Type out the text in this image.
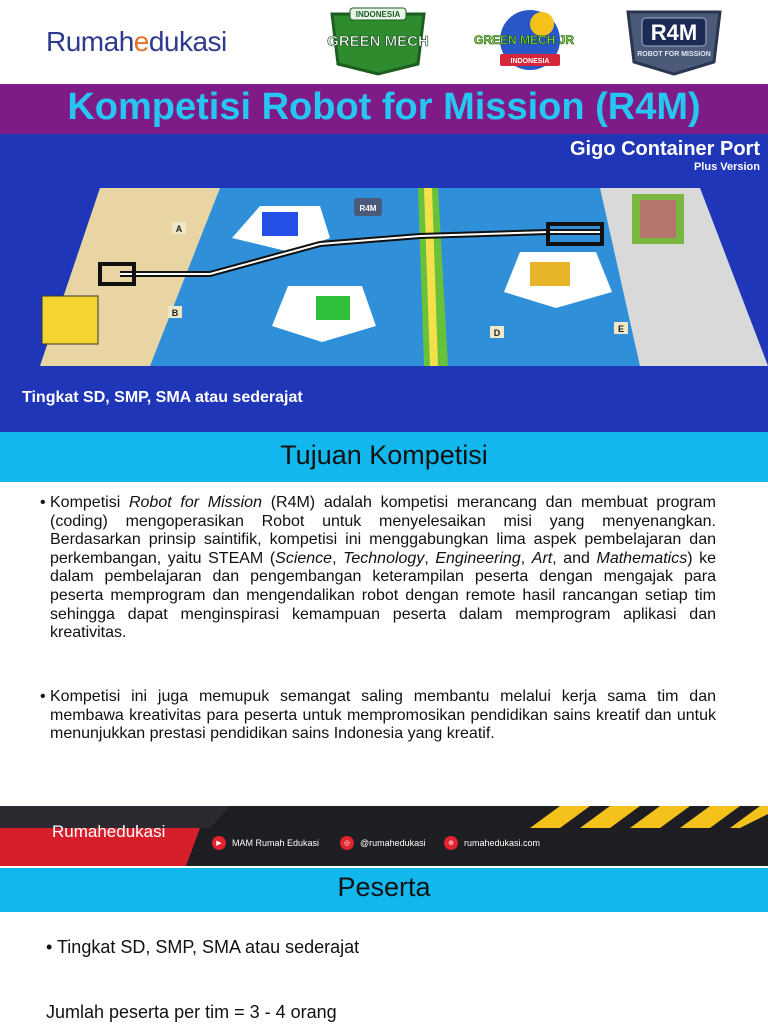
Rumahedukasi
INDONESIA
GREEN MECH	GREEN MECH JR
INDONESIA
R4M
ROBOT FOR MISSION
Kompetisi Robot for Mission (R4M)
Gigo Container Port
Plus Version
A
B
D	E
R4M
Tingkat SD, SMP, SMA atau sederajat
Tujuan Kompetisi
• Kompetisi Robot for Mission (R4M) adalah kompetisi merancang dan membuat program (coding) mengoperasikan Robot untuk menyelesaikan misi yang menyenangkan. Berdasarkan prinsip saintifik, kompetisi ini menggabungkan lima aspek pembelajaran dan perkembangan, yaitu STEAM (Science, Technology, Engineering, Art, and Mathematics) ke dalam pembelajaran dan pengembangan keterampilan peserta dengan mengajak para peserta memprogram dan mengendalikan robot dengan remote hasil rancangan setiap tim sehingga dapat menginspirasi kemampuan peserta dalam memprogram aplikasi dan kreativitas.
• Kompetisi ini juga memupuk semangat saling membantu melalui kerja sama tim dan membawa kreativitas para peserta untuk mempromosikan pendidikan sains kreatif dan untuk menunjukkan prestasi pendidikan sains Indonesia yang kreatif.
Rumahedukasi
▶	MAM Rumah Edukasi	◎	@rumahedukasi	⊕	rumahedukasi.com
Peserta
• Tingkat SD, SMP, SMA atau sederajat
Jumlah peserta per tim = 3 - 4 orang
